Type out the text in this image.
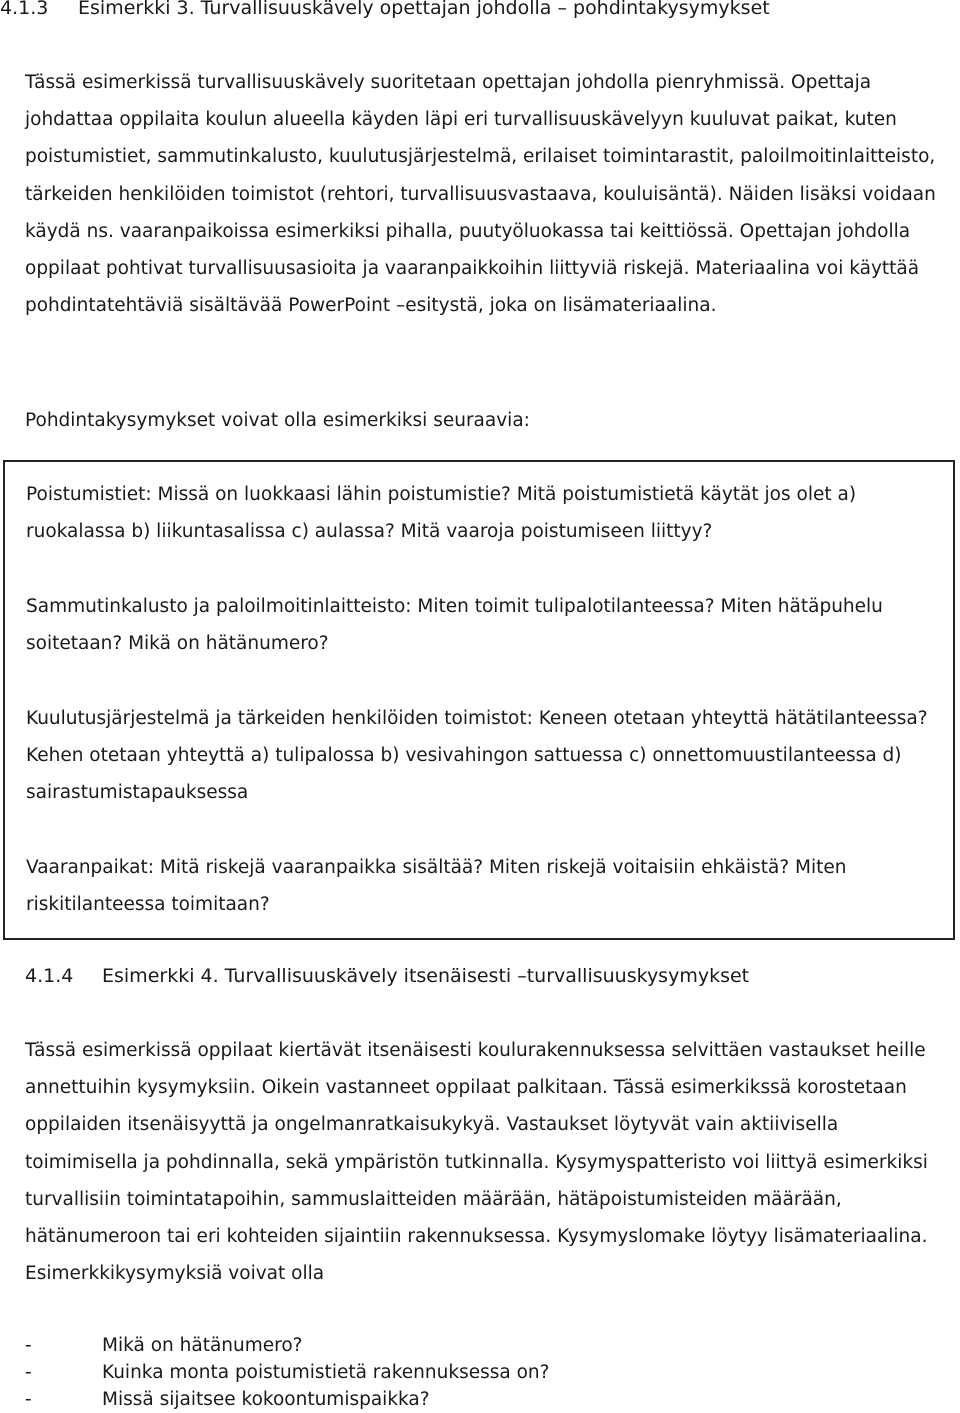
4.1.3 Esimerkki 3. Turvallisuuskävely opettajan johdolla – pohdintakysymykset

Tässä esimerkissä turvallisuuskävely suoritetaan opettajan johdolla pienryhmissä. Opettaja johdattaa oppilaita koulun alueella käyden läpi eri turvallisuuskävelyyn kuuluvat paikat, kuten poistumistiet, sammutinkalusto, kuulutusjärjestelmä, erilaiset toimintarastit, paloilmoitinlaitteisto, tärkeiden henkilöiden toimistot (rehtori, turvallisuusvastaava, kouluisäntä). Näiden lisäksi voidaan käydä ns. vaaranpaikoissa esimerkiksi pihalla, puutyöluokassa tai keittiössä. Opettajan johdolla oppilaat pohtivat turvallisuusasioita ja vaaranpaikkoihin liittyviä riskejä. Materiaalina voi käyttää pohdintatehtäviä sisältävää PowerPoint –esitystä, joka on lisämateriaalina.

Pohdintakysymykset voivat olla esimerkiksi seuraavia:

Poistumistiet: Missä on luokkaasi lähin poistumistie? Mitä poistumistietä käytät jos olet a) ruokalassa b) liikuntasalissa c) aulassa? Mitä vaaroja poistumiseen liittyy?

Sammutinkalusto ja paloilmoitinlaitteisto: Miten toimit tulipalotilanteessa? Miten hätäpuhelu soitetaan? Mikä on hätänumero?

Kuulutusjärjestelmä ja tärkeiden henkilöiden toimistot: Keneen otetaan yhteyttä hätätilanteessa? Kehen otetaan yhteyttä a) tulipalossa b) vesivahingon sattuessa c) onnettomuustilanteessa d) sairastumistapauksessa

Vaaranpaikat: Mitä riskejä vaaranpaikka sisältää? Miten riskejä voitaisiin ehkäistä? Miten riskitilanteessa toimitaan?

4.1.4 Esimerkki 4. Turvallisuuskävely itsenäisesti –turvallisuuskysymykset

Tässä esimerkissä oppilaat kiertävät itsenäisesti koulurakennuksessa selvittäen vastaukset heille annettuihin kysymyksiin. Oikein vastanneet oppilaat palkitaan. Tässä esimerkikssä korostetaan oppilaiden itsenäisyyttä ja ongelmanratkaisukykyä. Vastaukset löytyvät vain aktiivisella toimimisella ja pohdinnalla, sekä ympäristön tutkinnalla. Kysymyspatteristo voi liittyä esimerkiksi turvallisiin toimintatapoihin, sammuslaitteiden määrään, hätäpoistumisteiden määrään, hätänumeroon tai eri kohteiden sijaintiin rakennuksessa. Kysymyslomake löytyy lisämateriaalina. Esimerkkikysymyksiä voivat olla

-	Mikä on hätänumero?
-	Kuinka monta poistumistietä rakennuksessa on?
-	Missä sijaitsee kokoontumispaikka?
